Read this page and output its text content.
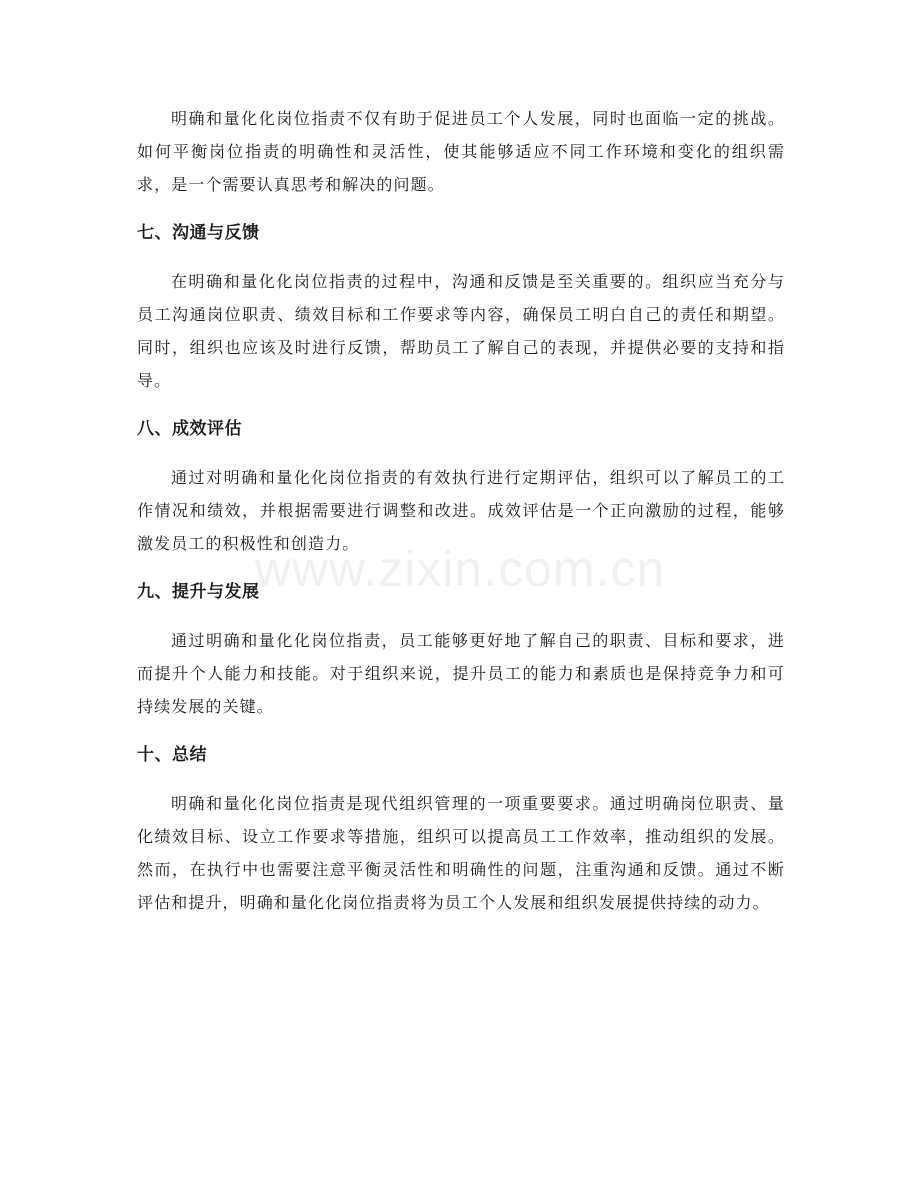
明确和量化化岗位指责不仅有助于促进员工个人发展，同时也面临一定的挑战。如何平衡岗位指责的明确性和灵活性，使其能够适应不同工作环境和变化的组织需求，是一个需要认真思考和解决的问题。

七、沟通与反馈

在明确和量化化岗位指责的过程中，沟通和反馈是至关重要的。组织应当充分与员工沟通岗位职责、绩效目标和工作要求等内容，确保员工明白自己的责任和期望。同时，组织也应该及时进行反馈，帮助员工了解自己的表现，并提供必要的支持和指导。

八、成效评估

通过对明确和量化化岗位指责的有效执行进行定期评估，组织可以了解员工的工作情况和绩效，并根据需要进行调整和改进。成效评估是一个正向激励的过程，能够激发员工的积极性和创造力。

九、提升与发展

通过明确和量化化岗位指责，员工能够更好地了解自己的职责、目标和要求，进而提升个人能力和技能。对于组织来说，提升员工的能力和素质也是保持竞争力和可持续发展的关键。

十、总结

明确和量化化岗位指责是现代组织管理的一项重要要求。通过明确岗位职责、量化绩效目标、设立工作要求等措施，组织可以提高员工工作效率，推动组织的发展。然而，在执行中也需要注意平衡灵活性和明确性的问题，注重沟通和反馈。通过不断评估和提升，明确和量化化岗位指责将为员工个人发展和组织发展提供持续的动力。

www.zixin.com.cn
